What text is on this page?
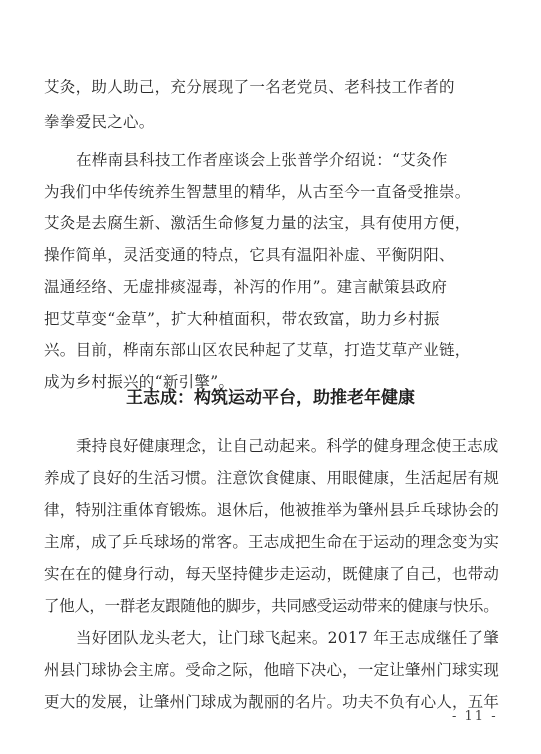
艾灸，助人助己，充分展现了一名老党员、老科技工作者的
拳拳爱民之心。
在桦南县科技工作者座谈会上张普学介绍说：“艾灸作
为我们中华传统养生智慧里的精华，从古至今一直备受推崇。
艾灸是去腐生新、激活生命修复力量的法宝，具有使用方便，
操作简单，灵活变通的特点，它具有温阳补虚、平衡阴阳、
温通经络、无虚排痰湿毒，补泻的作用”。建言献策县政府
把艾草变“金草”，扩大种植面积，带农致富，助力乡村振
兴。目前，桦南东部山区农民种起了艾草，打造艾草产业链，
成为乡村振兴的“新引擎”。
王志成：构筑运动平台，助推老年健康
秉持良好健康理念，让自己动起来。科学的健身理念使王志成
养成了良好的生活习惯。注意饮食健康、用眼健康，生活起居有规
律，特别注重体育锻炼。退休后，他被推举为肇州县乒乓球协会的
主席，成了乒乓球场的常客。王志成把生命在于运动的理念变为实
实在在的健身行动，每天坚持健步走运动，既健康了自己，也带动
了他人，一群老友跟随他的脚步，共同感受运动带来的健康与快乐。
当好团队龙头老大，让门球飞起来。2017 年王志成继任了肇
州县门球协会主席。受命之际，他暗下决心，一定让肇州门球实现
更大的发展，让肇州门球成为靓丽的名片。功夫不负有心人，五年
- 11 -
